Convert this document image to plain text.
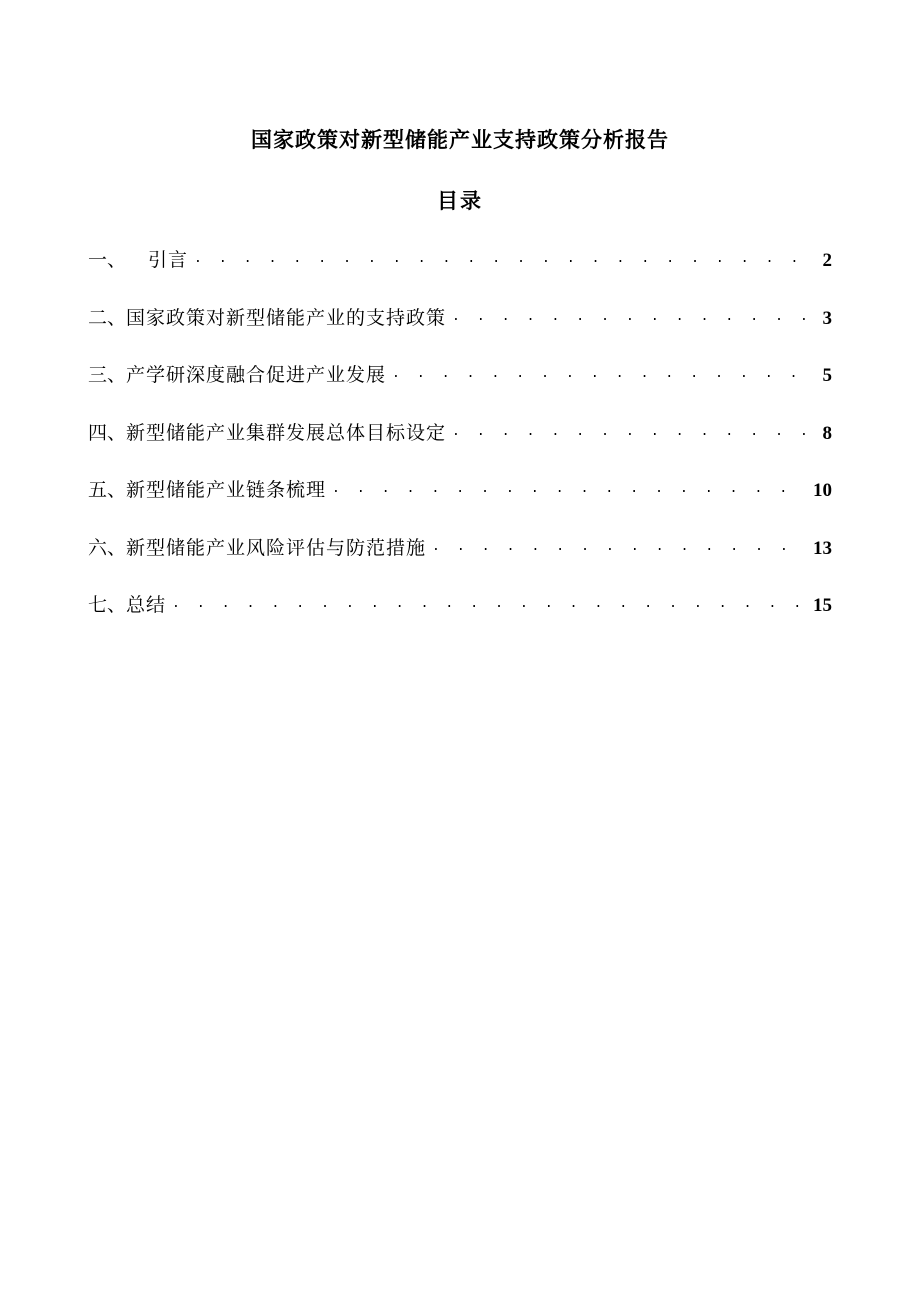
国家政策对新型储能产业支持政策分析报告
目录
一、	引言 . . .	2
二、 国家政策对新型储能产业的支持政策 . . .	3
三、 产学研深度融合促进产业发展 . . .	5
四、 新型储能产业集群发展总体目标设定 . . .	8
五、 新型储能产业链条梳理 . . .	10
六、 新型储能产业风险评估与防范措施 . . .	13
七、 总结 . . .	15
